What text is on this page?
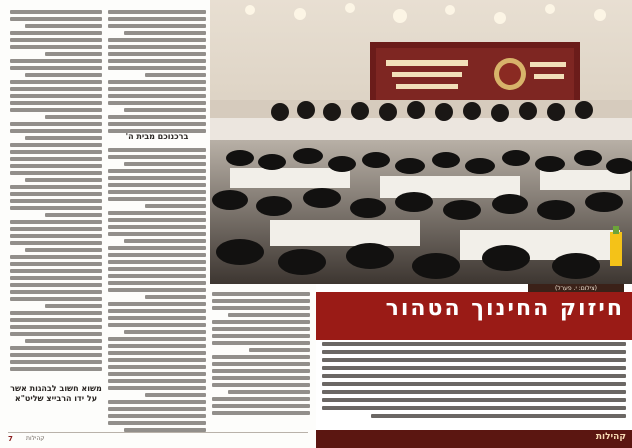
ברכנוכם מבית ה'
משוא חשוב לבהגות אשר על ידו הרבייצ שליט"א
7 קהילות
(צילום: י. פערל)
חיזוק החינוך הטהור
קהילות
